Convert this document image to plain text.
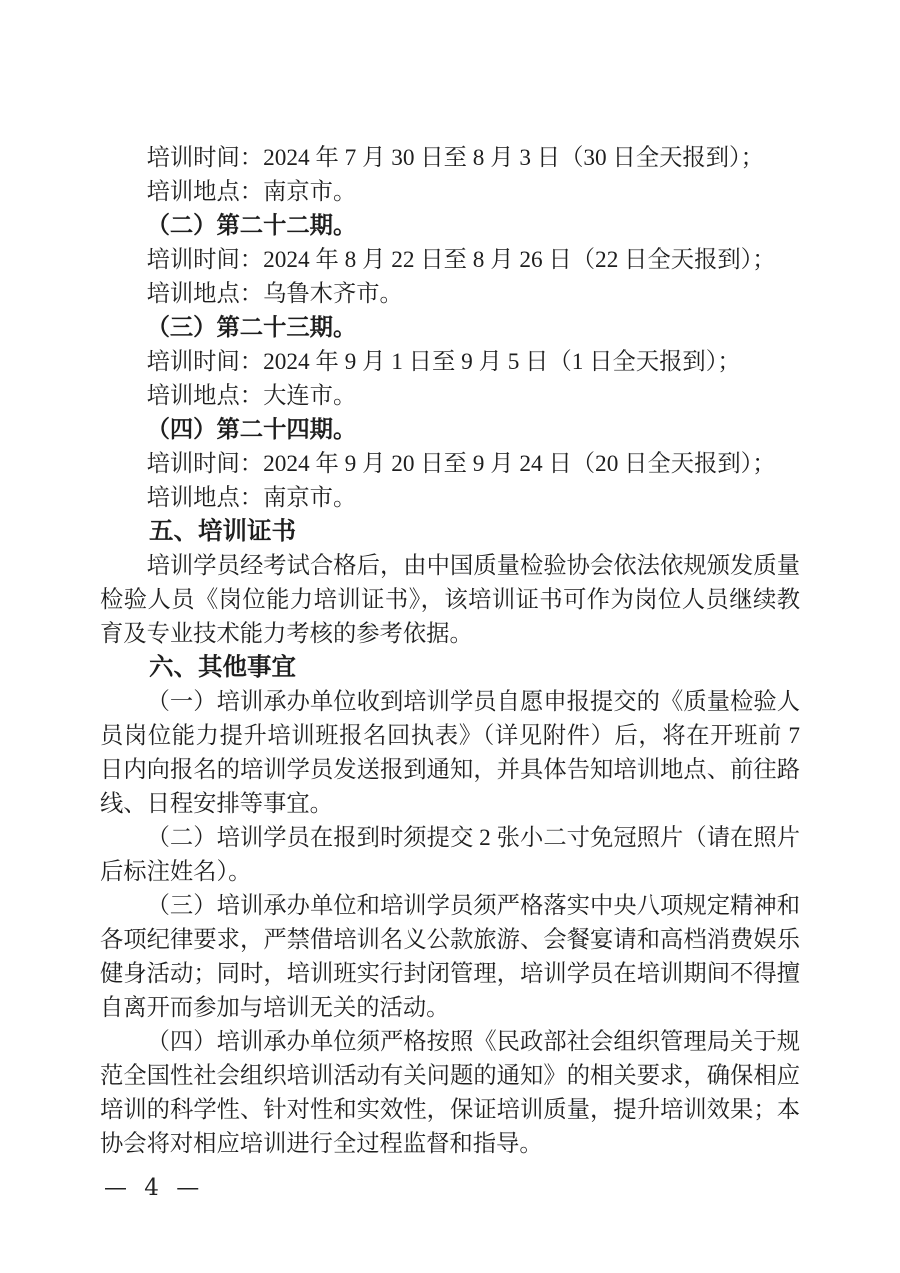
培训时间：2024 年 7 月 30 日至 8 月 3 日（30 日全天报到）；

培训地点：南京市。

（二）第二十二期。

培训时间：2024 年 8 月 22 日至 8 月 26 日（22 日全天报到）；

培训地点：乌鲁木齐市。

（三）第二十三期。

培训时间：2024 年 9 月 1 日至 9 月 5 日（1 日全天报到）；

培训地点：大连市。

（四）第二十四期。

培训时间：2024 年 9 月 20 日至 9 月 24 日（20 日全天报到）；

培训地点：南京市。

五、培训证书

培训学员经考试合格后，由中国质量检验协会依法依规颁发质量检验人员《岗位能力培训证书》，该培训证书可作为岗位人员继续教育及专业技术能力考核的参考依据。

六、其他事宜

（一）培训承办单位收到培训学员自愿申报提交的《质量检验人员岗位能力提升培训班报名回执表》（详见附件）后，将在开班前 7 日内向报名的培训学员发送报到通知，并具体告知培训地点、前往路线、日程安排等事宜。

（二）培训学员在报到时须提交 2 张小二寸免冠照片（请在照片后标注姓名）。

（三）培训承办单位和培训学员须严格落实中央八项规定精神和各项纪律要求，严禁借培训名义公款旅游、会餐宴请和高档消费娱乐健身活动；同时，培训班实行封闭管理，培训学员在培训期间不得擅自离开而参加与培训无关的活动。

（四）培训承办单位须严格按照《民政部社会组织管理局关于规范全国性社会组织培训活动有关问题的通知》的相关要求，确保相应培训的科学性、针对性和实效性，保证培训质量，提升培训效果；本协会将对相应培训进行全过程监督和指导。

— 4 —
